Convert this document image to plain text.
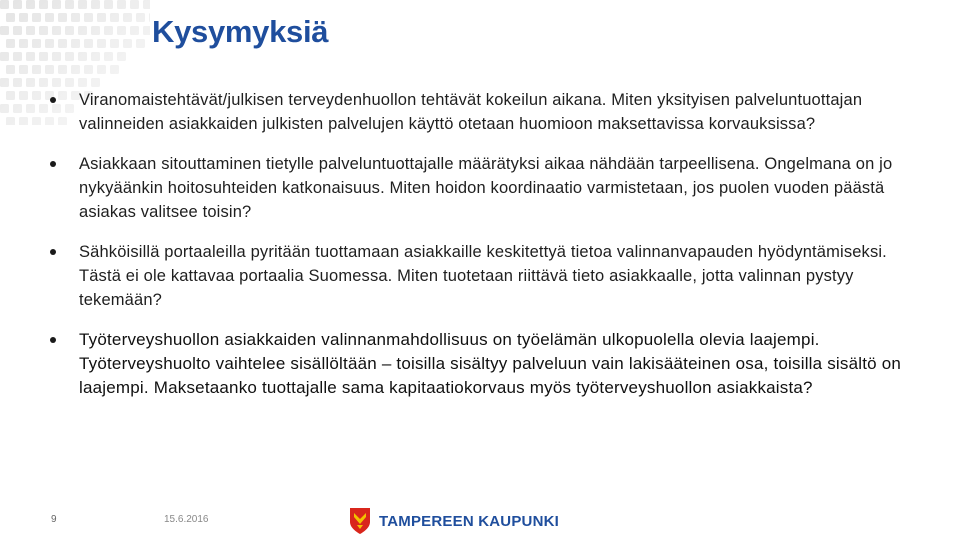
Kysymyksiä
Viranomaistehtävät/julkisen terveydenhuollon tehtävät kokeilun aikana. Miten yksityisen palveluntuottajan valinneiden asiakkaiden julkisten palvelujen käyttö otetaan huomioon maksettavissa korvauksissa?
Asiakkaan sitouttaminen tietylle palveluntuottajalle määrätyksi aikaa nähdään tarpeellisena. Ongelmana on jo nykyäänkin hoitosuhteiden katkonaisuus. Miten hoidon koordinaatio varmistetaan, jos puolen vuoden päästä asiakas valitsee toisin?
Sähköisillä portaaleilla pyritään tuottamaan asiakkaille keskitettyä tietoa valinnanvapauden hyödyntämiseksi. Tästä ei ole kattavaa portaalia Suomessa. Miten tuotetaan riittävä tieto asiakkaalle, jotta valinnan pystyy tekemään?
Työterveyshuollon asiakkaiden valinnanmahdollisuus on työelämän ulkopuolella olevia laajempi. Työterveyshuolto vaihtelee sisällöltään – toisilla sisältyy palveluun vain lakisääteinen osa, toisilla sisältö on laajempi. Maksetaanko tuottajalle sama kapitaatiokorvaus myös työterveyshuollon asiakkaista?
9	15.6.2016	TAMPEREEN KAUPUNKI
